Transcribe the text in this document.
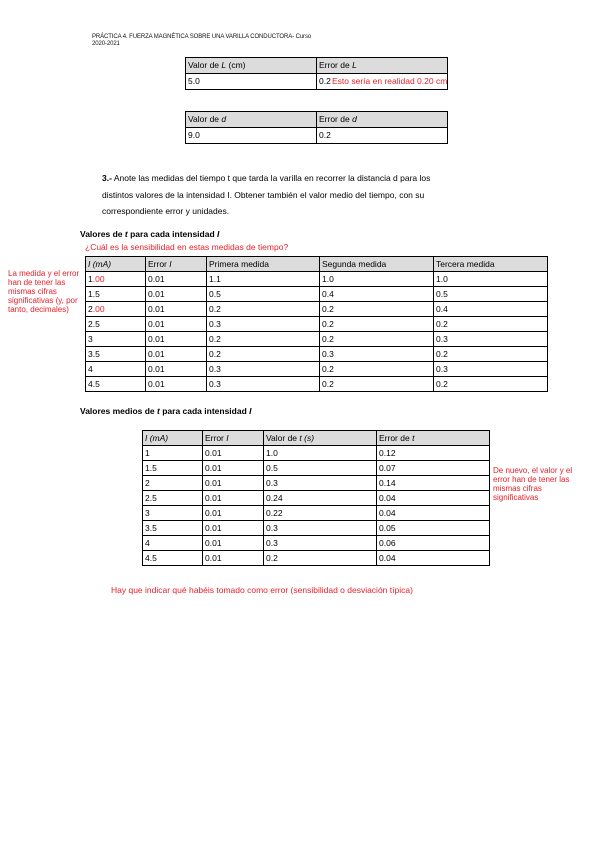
PRÁCTICA 4. FUERZA MAGNÉTICA SOBRE UNA VARILLA CONDUCTORA- Curso
2020-2021
Valor de L (cm)	Error de L
5.0	0.2 Esto sería en realidad 0.20 cm
Valor de d	Error de d
9.0	0.2
3.- Anote las medidas del tiempo t que tarda la varilla en recorrer la distancia d para los
distintos valores de la intensidad I. Obtener también el valor medio del tiempo, con su
correspondiente error y unidades.
Valores de t para cada intensidad I
¿Cuál es la sensibilidad en estas medidas de tiempo?
La medida y el error han de tener las mismas cifras significativas (y, por tanto, decimales)
I (mA)	Error I	Primera medida	Segunda medida	Tercera medida
1.00	0.01	1.1	1.0	1.0
1.5	0.01	0.5	0.4	0.5
2.00	0.01	0.2	0.2	0.4
2.5	0.01	0.3	0.2	0.2
3	0.01	0.2	0.2	0.3
3.5	0.01	0.2	0.3	0.2
4	0.01	0.3	0.2	0.3
4.5	0.01	0.3	0.2	0.2
Valores medios de t para cada intensidad I
I (mA)	Error I	Valor de t (s)	Error de t
1	0.01	1.0	0.12
1.5	0.01	0.5	0.07
2	0.01	0.3	0.14
2.5	0.01	0.24	0.04
3	0.01	0.22	0.04
3.5	0.01	0.3	0.05
4	0.01	0.3	0.06
4.5	0.01	0.2	0.04
De nuevo, el valor y el error han de tener las mismas cifras significativas
Hay que indicar qué habéis tomado como error (sensibilidad o desviación típica)
